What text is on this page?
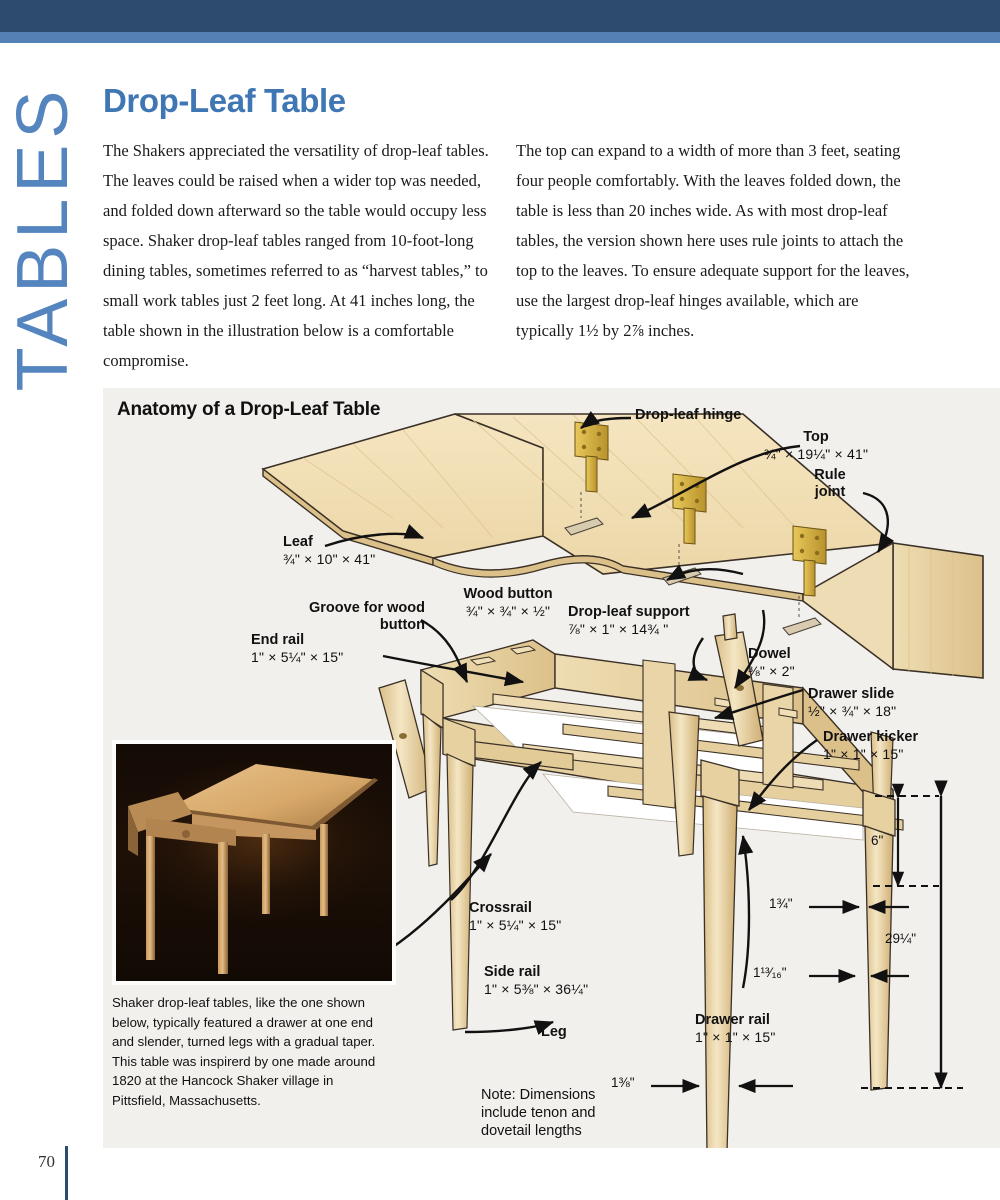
TABLES Drop-Leaf Table
The Shakers appreciated the versatility of drop-leaf tables. The leaves could be raised when a wider top was needed, and folded down afterward so the table would occupy less space. Shaker drop-leaf tables ranged from 10-foot-long dining tables, sometimes referred to as “harvest tables,” to small work tables just 2 feet long. At 41 inches long, the table shown in the illustration below is a comfortable compromise.
The top can expand to a width of more than 3 feet, seating four people comfortably. With the leaves folded down, the table is less than 20 inches wide. As with most drop-leaf tables, the version shown here uses rule joints to attach the top to the leaves. To ensure adequate support for the leaves, use the largest drop-leaf hinges available, which are typically 1½ by 2⅞ inches.
Anatomy of a Drop-Leaf Table	Drop-leaf hinge
Top
¾" × 19¼" × 41"
Rule joint
Leaf
¾" × 10" × 41"
Wood button
¾" × ¾" × ½"
Groove for wood button
Drop-leaf support
⅞" × 1" × 14¾ "
End rail
1" × 5¼" × 15"	Dowel
⅜" × 2"
Drawer slide
½" × ¾" × 18"
Drawer kicker
1" × 1" × 15"
Crossrail
1" × 5¼" × 15"
Side rail
1" × 5⅜" × 36¼"
Drawer rail
1" × 1" × 15"
Leg
6"
1¾"
1¹³⁄₁₆"
29¼"
1⅜"
Note: Dimensions include tenon and dovetail lengths
Shaker drop-leaf tables, like the one shown below, typically featured a drawer at one end and slender, turned legs with a gradual taper. This table was inspirerd by one made around 1820 at the Hancock Shaker village in Pittsfield, Massachusetts.
70
